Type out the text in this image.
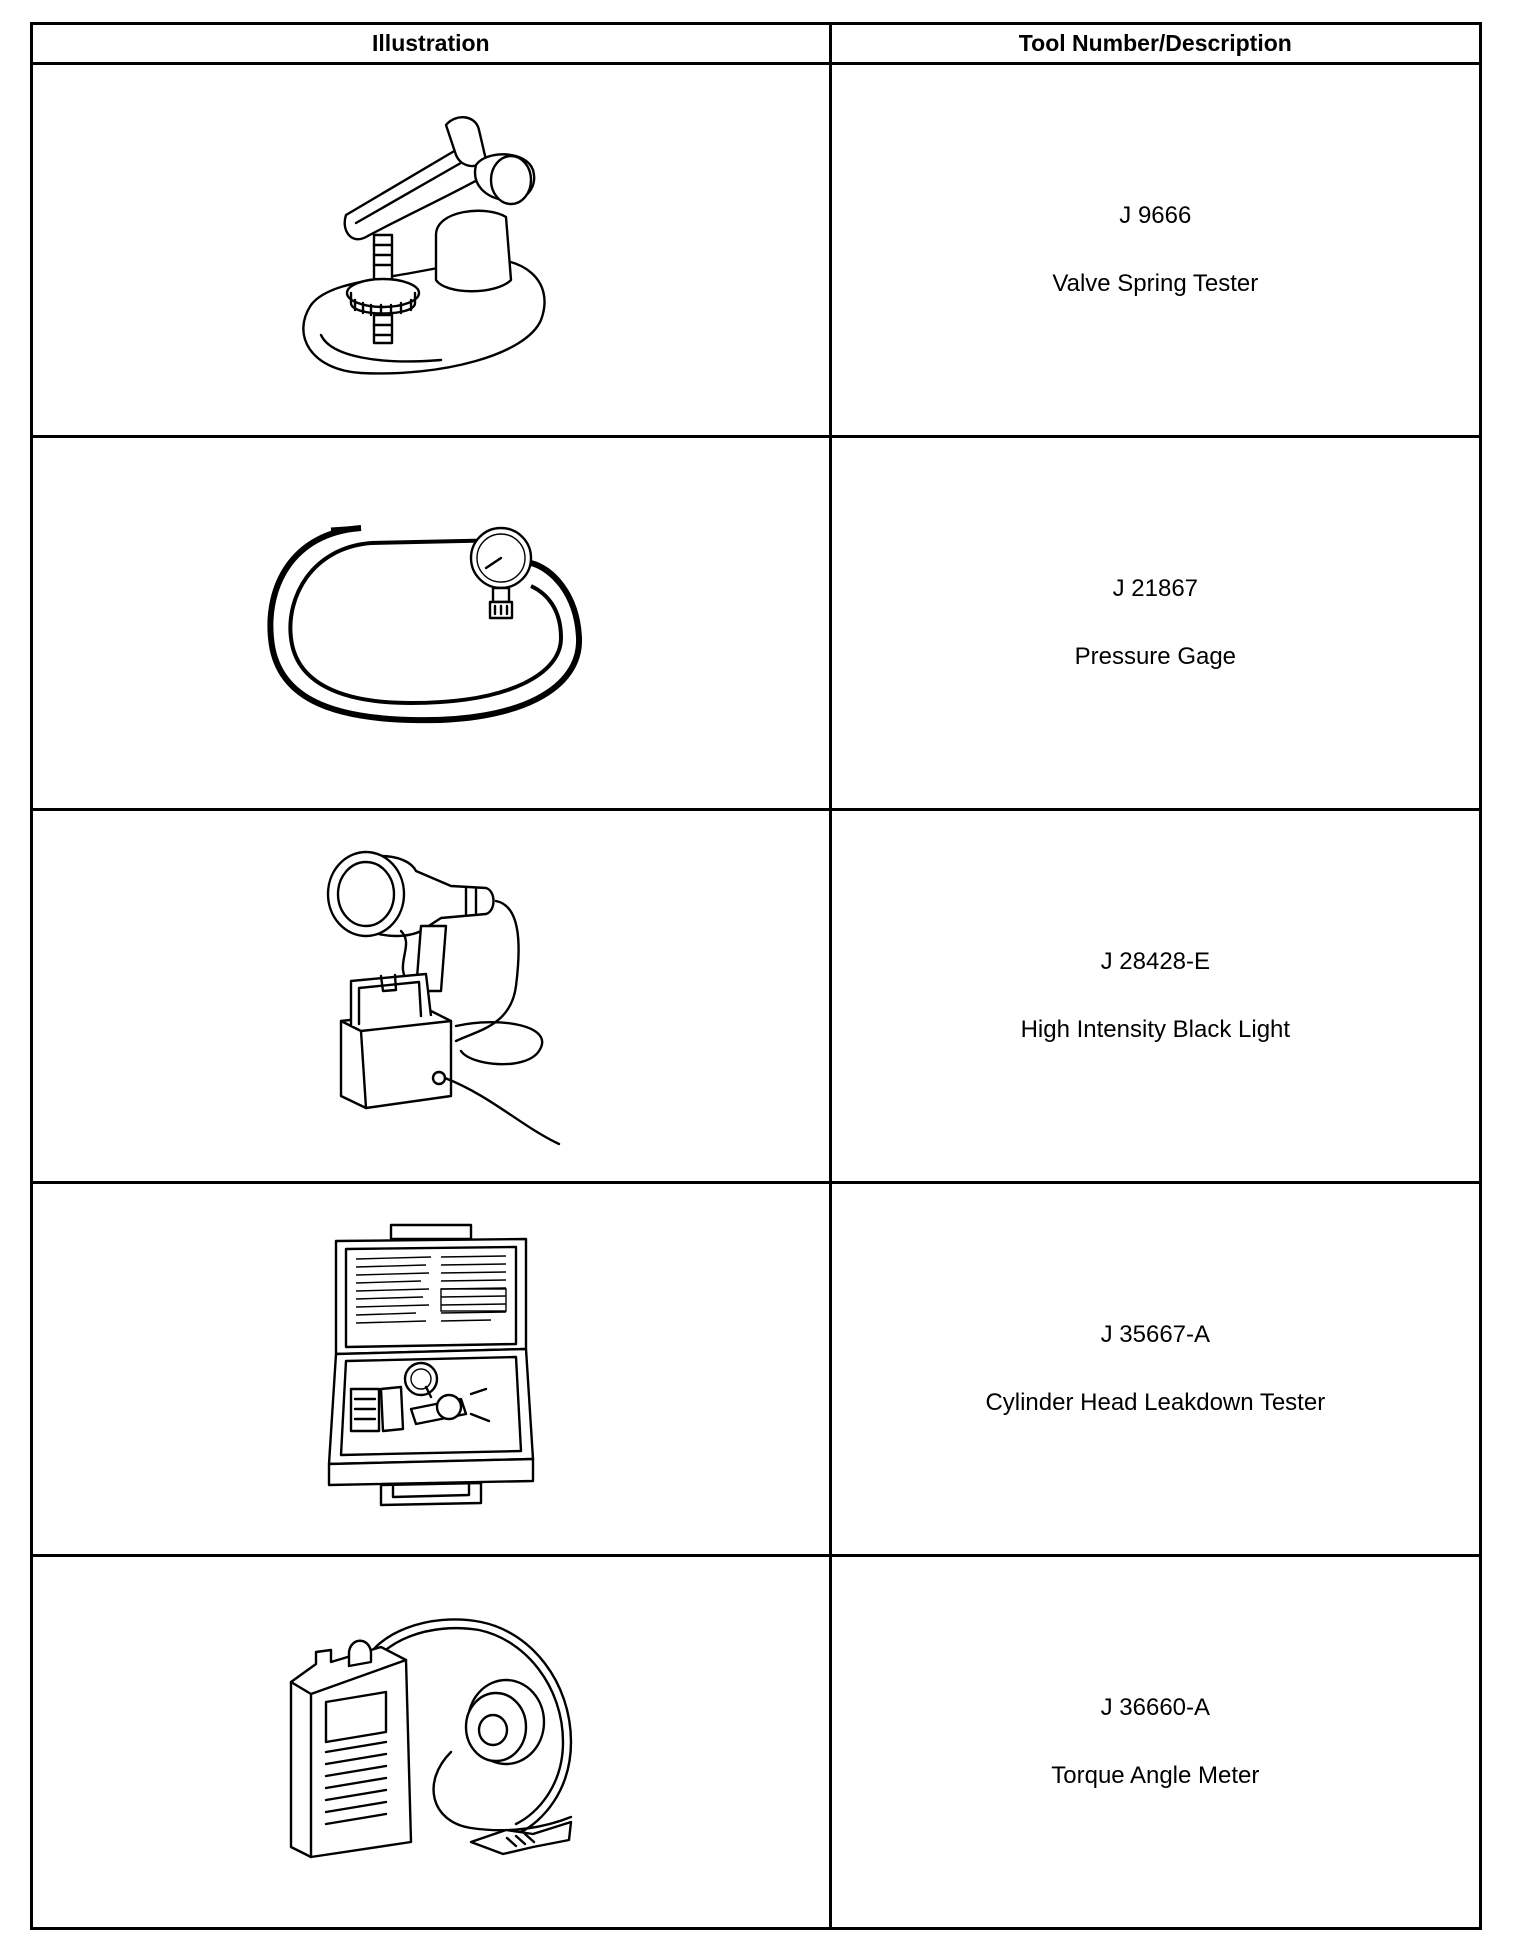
Illustration	Tool Number/Description

J 9666
Valve Spring Tester

J 21867
Pressure Gage

J 28428-E
High Intensity Black Light

J 35667-A
Cylinder Head Leakdown Tester

J 36660-A
Torque Angle Meter
